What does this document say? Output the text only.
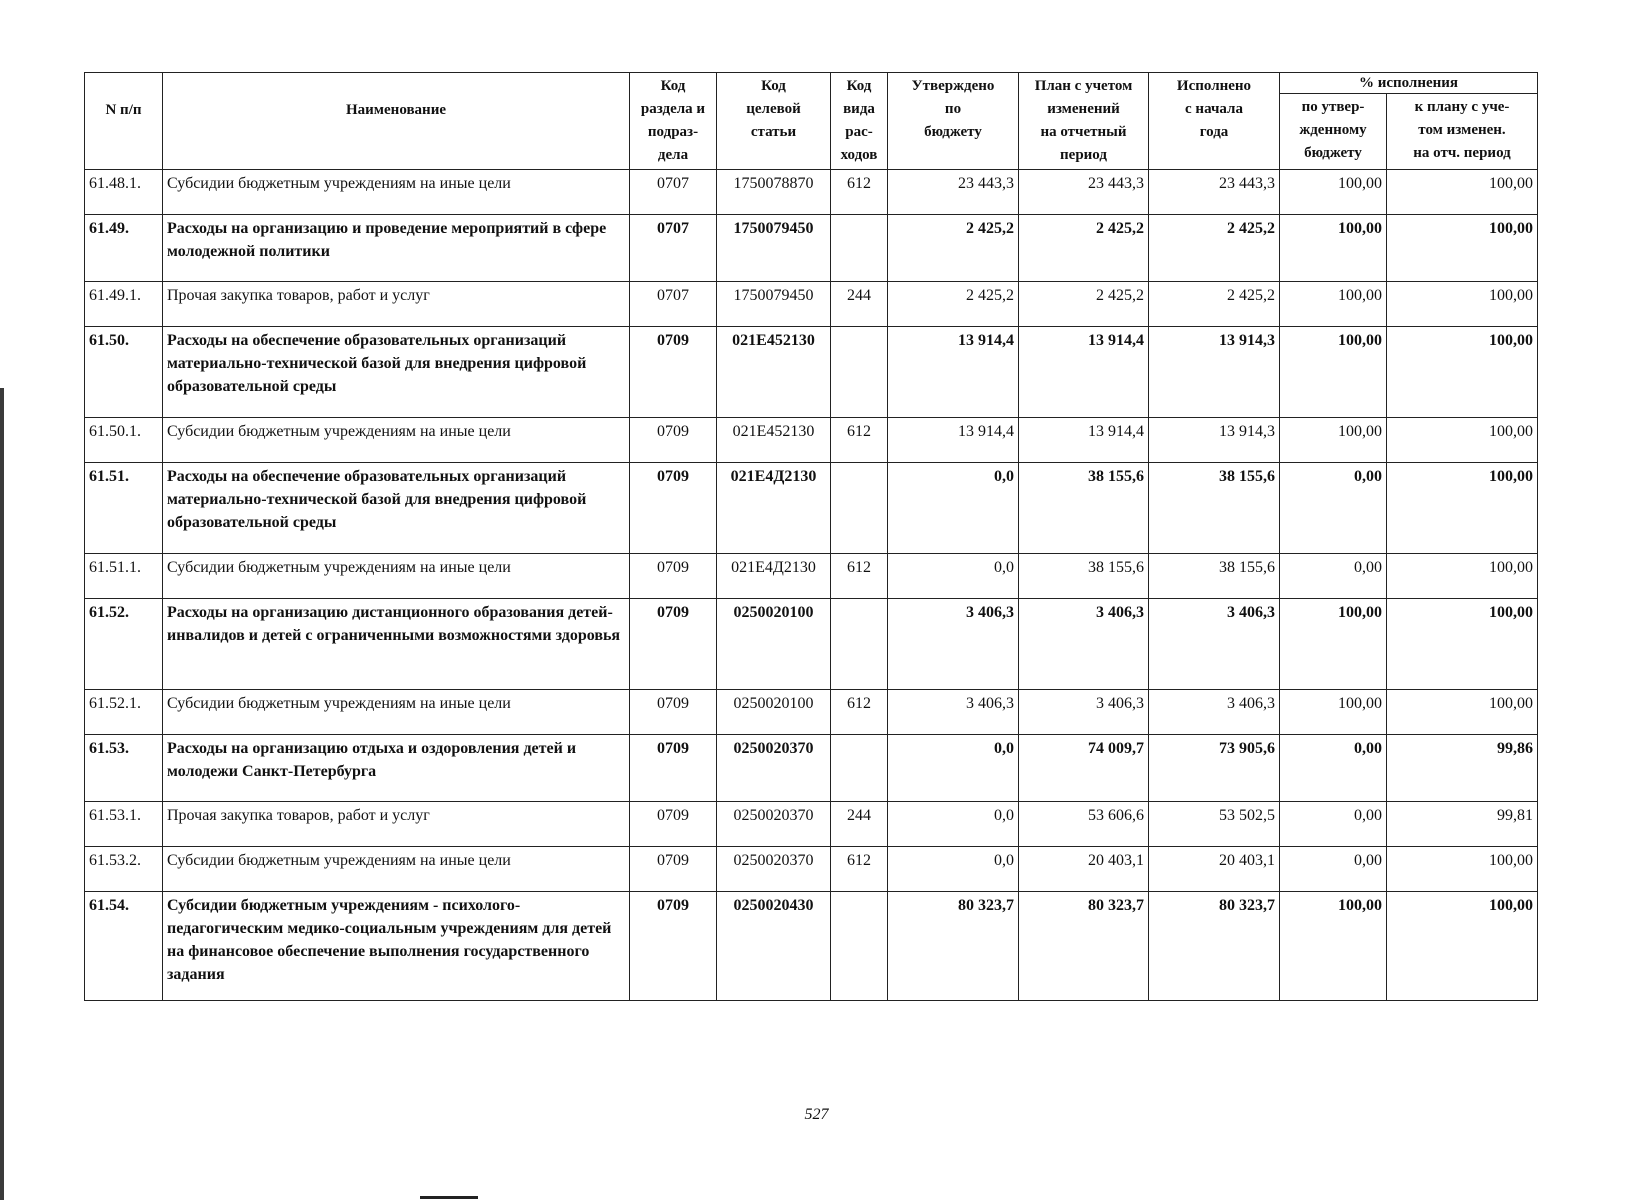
N п/п	Наименование	Код
раздела и
подраз-
дела	Код
целевой
статьи	Код
вида
рас-
ходов	Утверждено
по
бюджету	План с учетом
изменений
на отчетный
период	Исполнено
с начала
года	% исполнения	
								по утвер-
жденному
бюджету	к плану с уче-
том изменен.
на отч. период
61.48.1.	Субсидии бюджетным учреждениям на иные цели	0707	1750078870	612	23 443,3	23 443,3	23 443,3	100,00	100,00
61.49.	Расходы на организацию и проведение мероприятий в сфере молодежной политики	0707	1750079450		2 425,2	2 425,2	2 425,2	100,00	100,00
61.49.1.	Прочая закупка товаров, работ и услуг	0707	1750079450	244	2 425,2	2 425,2	2 425,2	100,00	100,00
61.50.	Расходы на обеспечение образовательных организаций материально-технической базой для внедрения цифровой образовательной среды	0709	021Е452130		13 914,4	13 914,4	13 914,3	100,00	100,00
61.50.1.	Субсидии бюджетным учреждениям на иные цели	0709	021Е452130	612	13 914,4	13 914,4	13 914,3	100,00	100,00
61.51.	Расходы на обеспечение образовательных организаций материально-технической базой для внедрения цифровой образовательной среды	0709	021Е4Д2130		0,0	38 155,6	38 155,6	0,00	100,00
61.51.1.	Субсидии бюджетным учреждениям на иные цели	0709	021Е4Д2130	612	0,0	38 155,6	38 155,6	0,00	100,00
61.52.	Расходы на организацию дистанционного образования детей-инвалидов и детей с ограниченными возможностями здоровья	0709	0250020100		3 406,3	3 406,3	3 406,3	100,00	100,00
61.52.1.	Субсидии бюджетным учреждениям на иные цели	0709	0250020100	612	3 406,3	3 406,3	3 406,3	100,00	100,00
61.53.	Расходы на организацию отдыха и оздоровления детей и молодежи Санкт-Петербурга	0709	0250020370		0,0	74 009,7	73 905,6	0,00	99,86
61.53.1.	Прочая закупка товаров, работ и услуг	0709	0250020370	244	0,0	53 606,6	53 502,5	0,00	99,81
61.53.2.	Субсидии бюджетным учреждениям на иные цели	0709	0250020370	612	0,0	20 403,1	20 403,1	0,00	100,00
61.54.	Субсидии бюджетным учреждениям - психолого-педагогическим медико-социальным учреждениям для детей на финансовое обеспечение выполнения государственного задания	0709	0250020430		80 323,7	80 323,7	80 323,7	100,00	100,00
527
